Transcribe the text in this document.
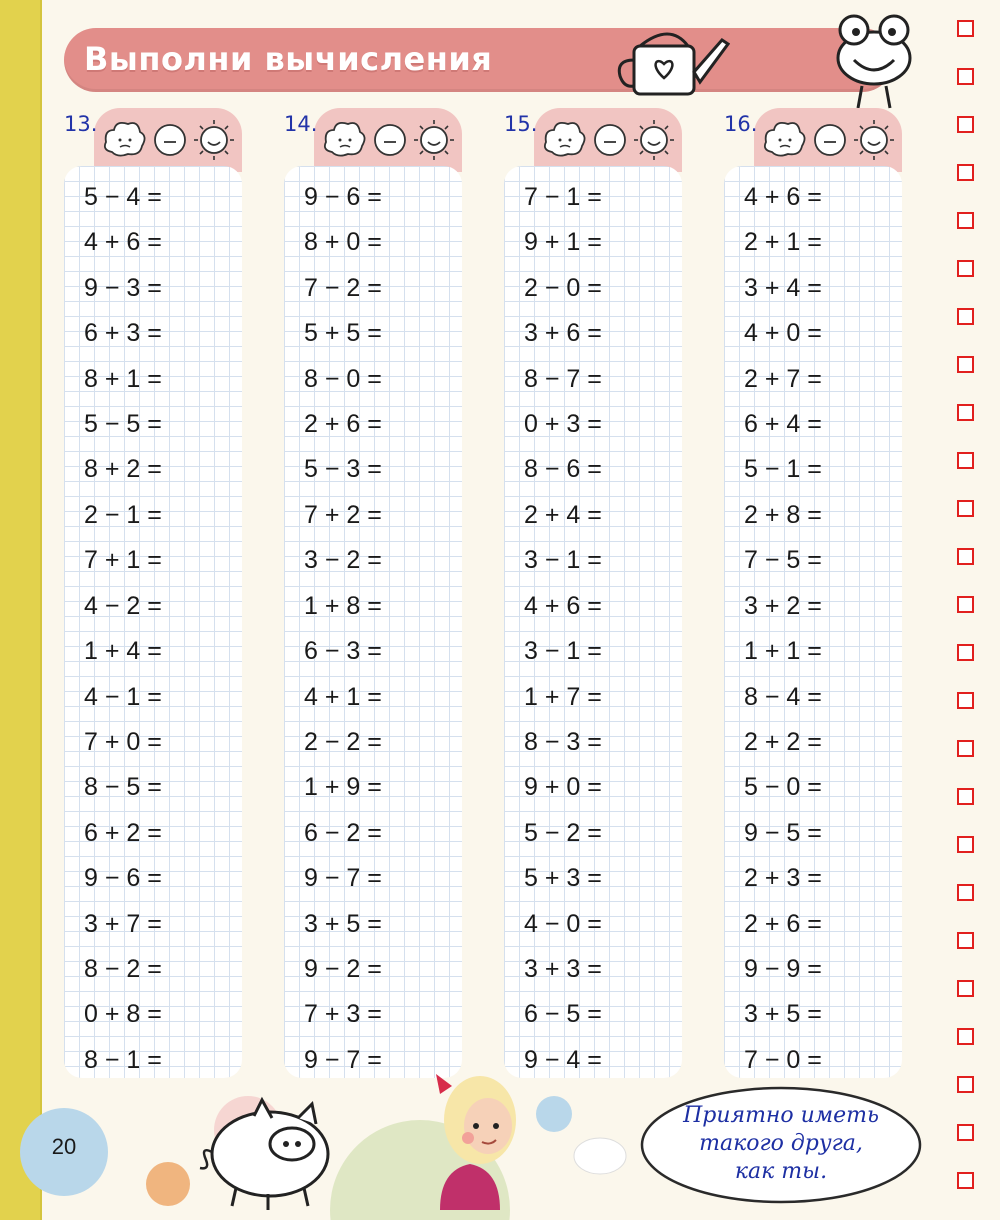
Выполни вычисления
13.
5 − 4 =
4 + 6 =
9 − 3 =
6 + 3 =
8 + 1 =
5 − 5 =
8 + 2 =
2 − 1 =
7 + 1 =
4 − 2 =
1 + 4 =
4 − 1 =
7 + 0 =
8 − 5 =
6 + 2 =
9 − 6 =
3 + 7 =
8 − 2 =
0 + 8 =
8 − 1 =
14.
9 − 6 =
8 + 0 =
7 − 2 =
5 + 5 =
8 − 0 =
2 + 6 =
5 − 3 =
7 + 2 =
3 − 2 =
1 + 8 =
6 − 3 =
4 + 1 =
2 − 2 =
1 + 9 =
6 − 2 =
9 − 7 =
3 + 5 =
9 − 2 =
7 + 3 =
9 − 7 =
15.
7 − 1 =
9 + 1 =
2 − 0 =
3 + 6 =
8 − 7 =
0 + 3 =
8 − 6 =
2 + 4 =
3 − 1 =
4 + 6 =
3 − 1 =
1 + 7 =
8 − 3 =
9 + 0 =
5 − 2 =
5 + 3 =
4 − 0 =
3 + 3 =
6 − 5 =
9 − 4 =
16.
4 + 6 =
2 + 1 =
3 + 4 =
4 + 0 =
2 + 7 =
6 + 4 =
5 − 1 =
2 + 8 =
7 − 5 =
3 + 2 =
1 + 1 =
8 − 4 =
2 + 2 =
5 − 0 =
9 − 5 =
2 + 3 =
2 + 6 =
9 − 9 =
3 + 5 =
7 − 0 =
20
Приятно иметь
такого друга,
как ты.
